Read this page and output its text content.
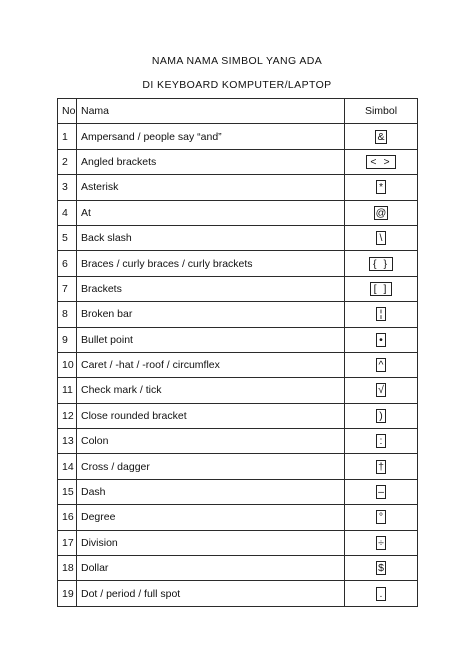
NAMA NAMA SIMBOL YANG ADA
DI KEYBOARD KOMPUTER/LAPTOP
No	Nama	Simbol
1	Ampersand / people say “and”	&
2	Angled brackets	< >
3	Asterisk	*
4	At	@
5	Back slash	\
6	Braces / curly braces / curly brackets	{ }
7	Brackets	[ ]
8	Broken bar	¦
9	Bullet point	•
10	Caret / -hat / -roof / circumflex	^
11	Check mark / tick	√
12	Close rounded bracket	)
13	Colon	:
14	Cross / dagger	†
15	Dash	–
16	Degree	°
17	Division	÷
18	Dollar	$
19	Dot / period / full spot	.
